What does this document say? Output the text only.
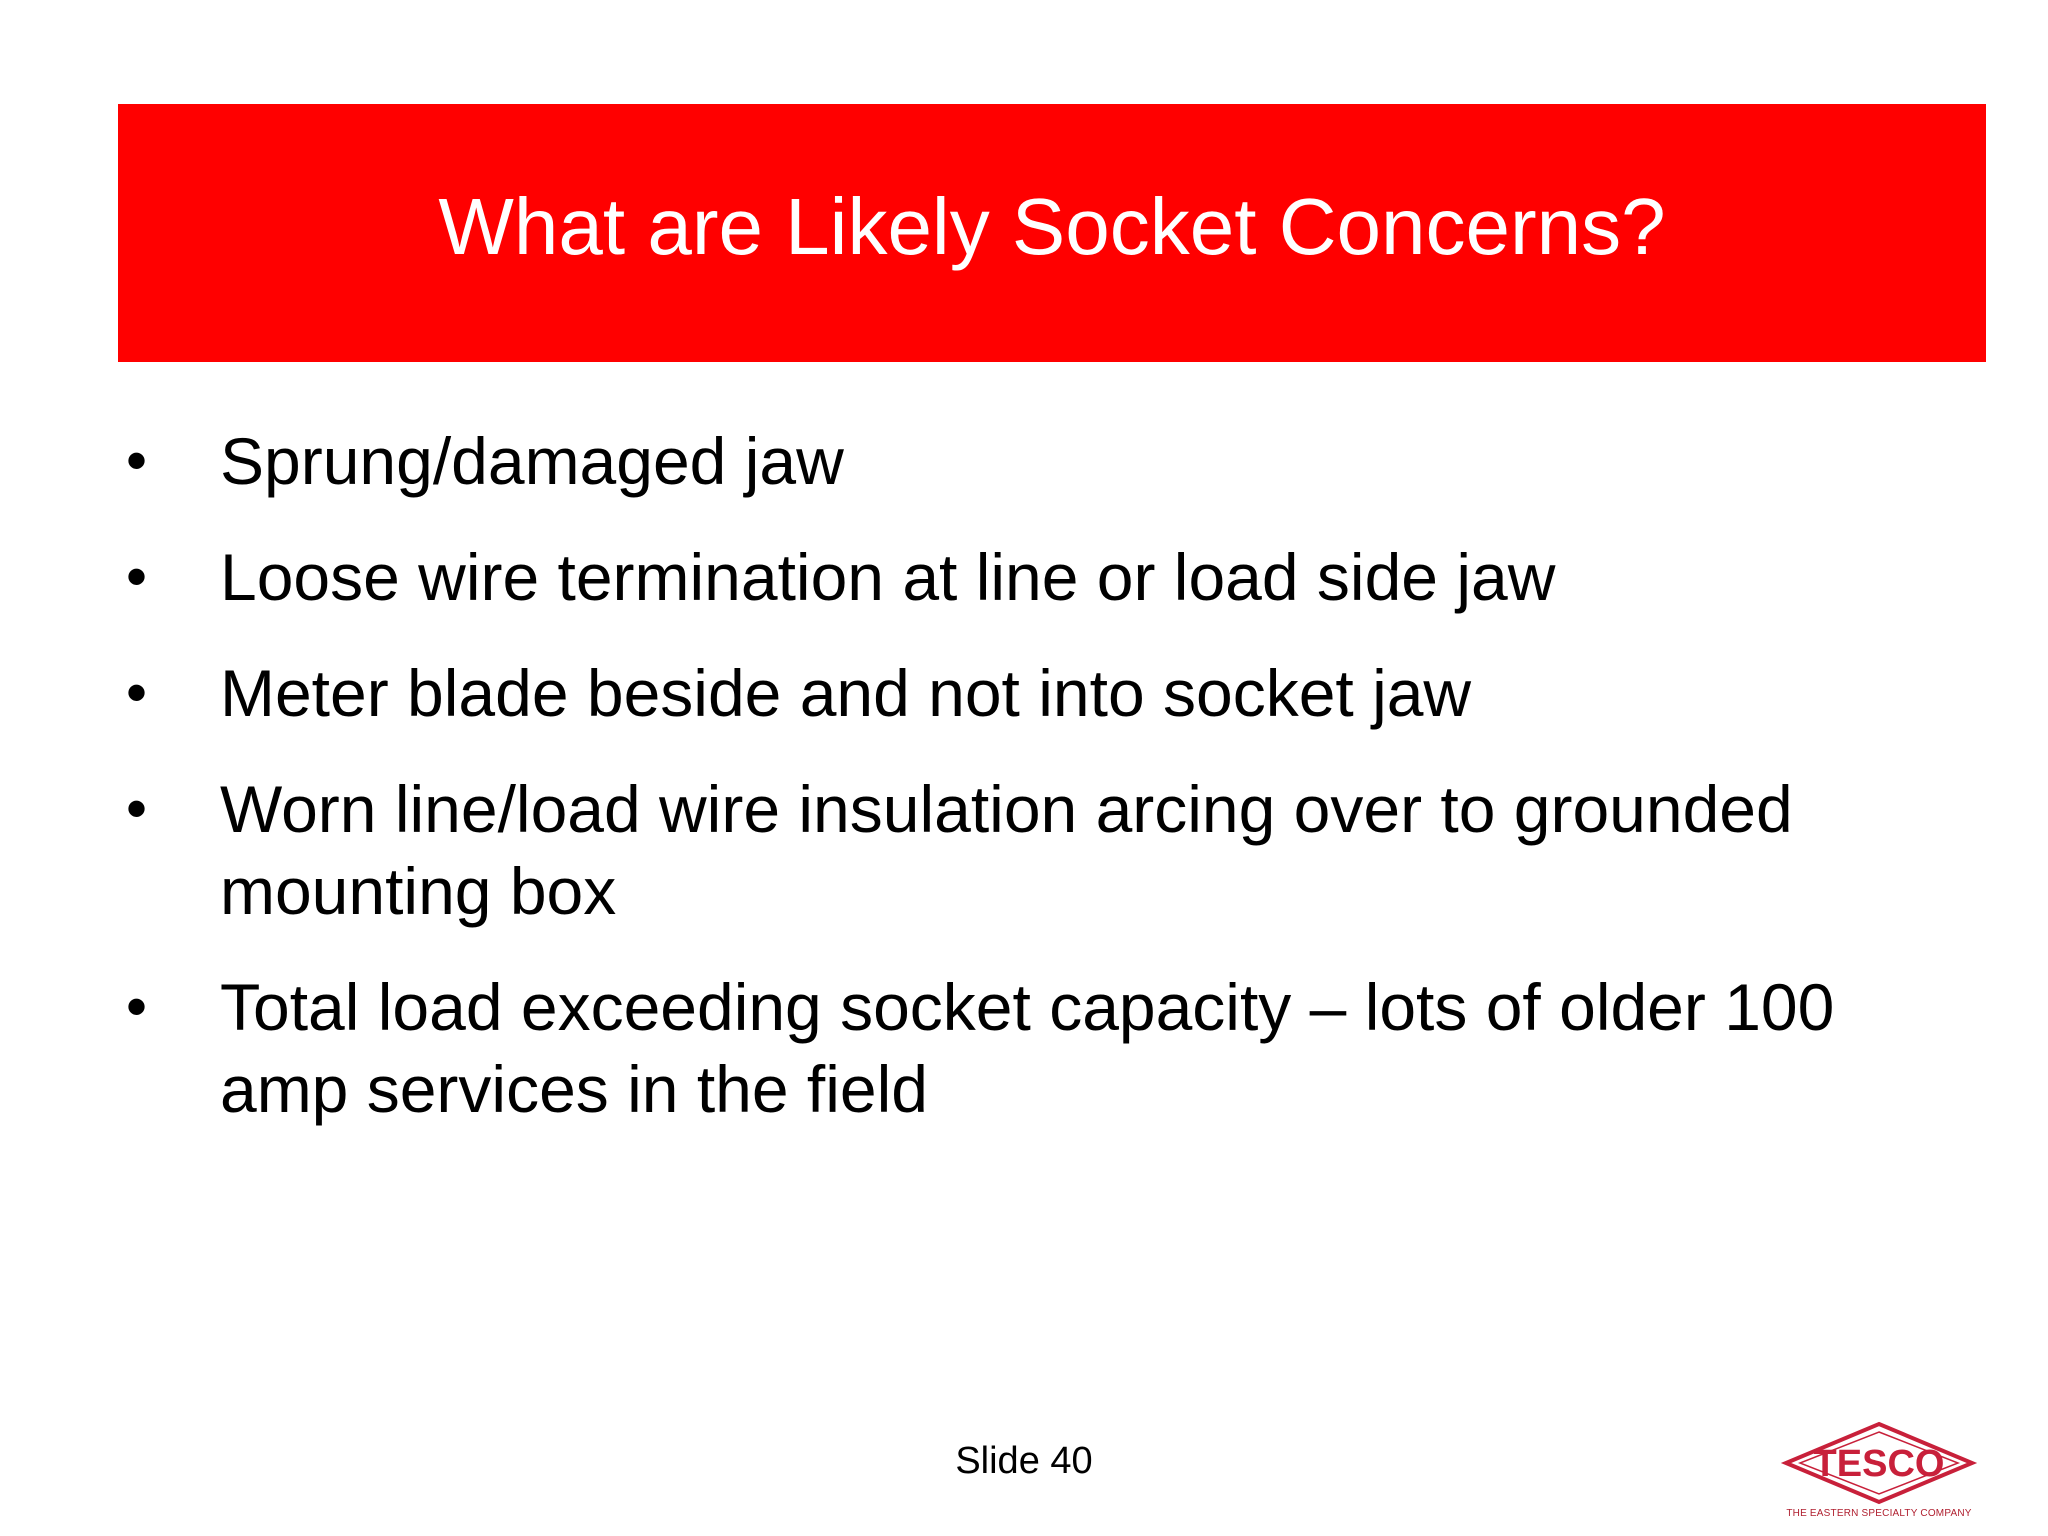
What are Likely Socket Concerns?
• Sprung/damaged jaw
• Loose wire termination at line or load side jaw
• Meter blade beside and not into socket jaw
• Worn line/load wire insulation arcing over to grounded mounting box
• Total load exceeding socket capacity – lots of older 100 amp services in the field
Slide 40	TESCO
THE EASTERN SPECIALTY COMPANY
